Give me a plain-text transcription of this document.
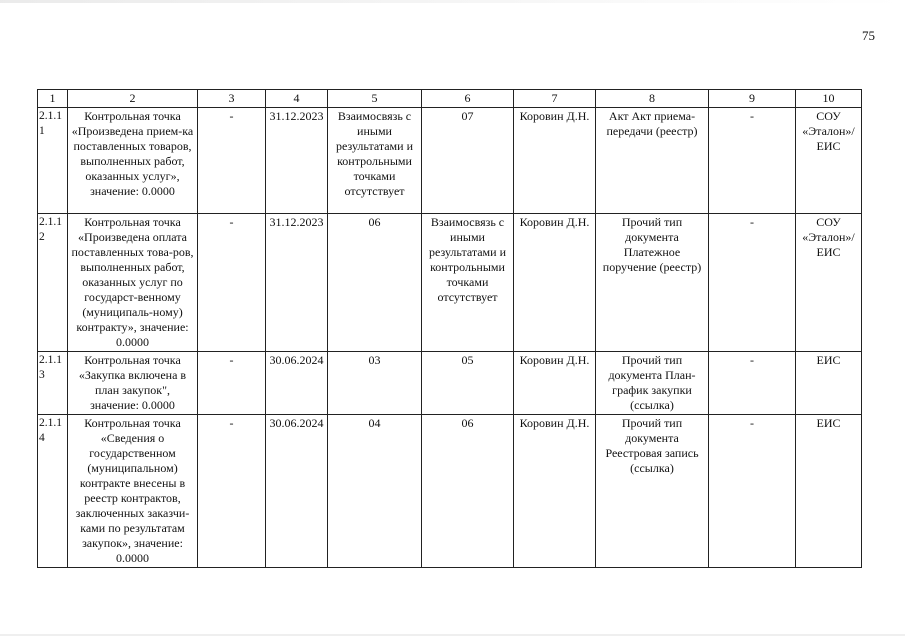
75
1	2	3	4	5	6	7	8	9	10
2.1.11	Контрольная точка «Произведена прием-ка поставленных товаров, выполненных работ, оказанных услуг», значение: 0.0000	-	31.12.2023	Взаимосвязь с иными результатами и контрольными точками отсутствует	07	Коровин Д.Н.	Акт Акт приема-передачи (реестр)	-	СОУ «Эталон»/ ЕИС
2.1.12	Контрольная точка «Произведена оплата поставленных това-ров, выполненных работ, оказанных услуг по государст-венному (муниципаль-ному) контракту», значение: 0.0000	-	31.12.2023	06	Взаимосвязь с иными результатами и контрольными точками отсутствует	Коровин Д.Н.	Прочий тип документа Платежное поручение (реестр)	-	СОУ «Эталон»/ ЕИС
2.1.13	Контрольная точка «Закупка включена в план закупок", значение: 0.0000	-	30.06.2024	03	05	Коровин Д.Н.	Прочий тип документа План-график закупки (ссылка)	-	ЕИС
2.1.14	Контрольная точка «Сведения о государственном (муниципальном) контракте внесены в реестр контрактов, заключенных заказчи-ками по результатам закупок», значение: 0.0000	-	30.06.2024	04	06	Коровин Д.Н.	Прочий тип документа Реестровая запись (ссылка)	-	ЕИС
